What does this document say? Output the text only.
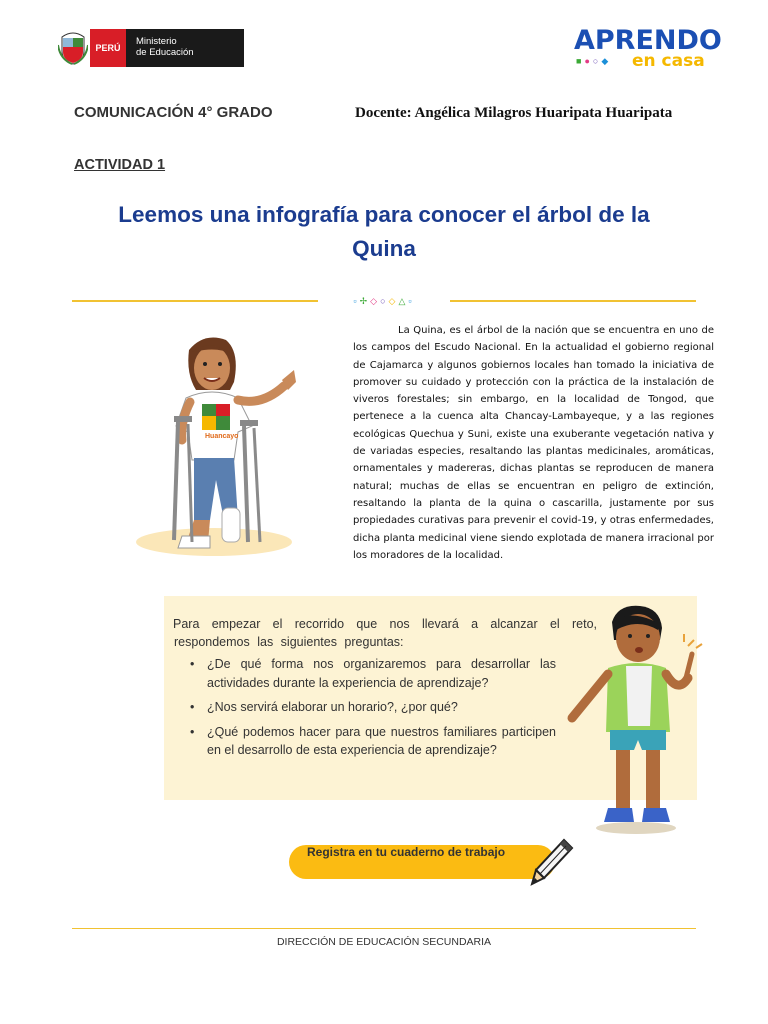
PERÚ
Ministerio
de Educación	APRENDO
■●○◆ en casa
COMUNICACIÓN 4° GRADO	Docente: Angélica Milagros Huaripata Huaripata
ACTIVIDAD 1
Leemos una infografía para conocer el árbol de la
Quina
▫✢◇○◇△▫
Huancayo
La Quina, es el árbol de la nación que se encuentra en uno de los campos del Escudo Nacional. En la actualidad el gobierno regional de Cajamarca y algunos gobiernos locales han tomado la iniciativa de promover su cuidado y protección con la práctica de la instalación de viveros forestales; sin embargo, en la localidad de Tongod, que pertenece a la cuenca alta Chancay-Lambayeque, y a las regiones ecológicas Quechua y Suni, existe una exuberante vegetación nativa y de variadas especies, resaltando las plantas medicinales, aromáticas, ornamentales y madereras, dichas plantas se reproducen de manera natural; muchas de ellas se encuentran en peligro de extinción, resaltando la planta de la quina o cascarilla, justamente por sus propiedades curativas para prevenir el covid-19, y otras enfermedades, dicha planta medicinal viene siendo explotada de manera irracional por los moradores de la localidad.
Para empezar el recorrido que nos llevará a alcanzar el reto,
respondemos las siguientes preguntas:
• ¿De qué forma nos organizaremos para desarrollar las actividades durante la experiencia de aprendizaje?
• ¿Nos servirá elaborar un horario?, ¿por qué?
• ¿Qué podemos hacer para que nuestros familiares participen en el desarrollo de esta experiencia de aprendizaje?
Registra en tu cuaderno de trabajo
DIRECCIÓN DE EDUCACIÓN SECUNDARIA
